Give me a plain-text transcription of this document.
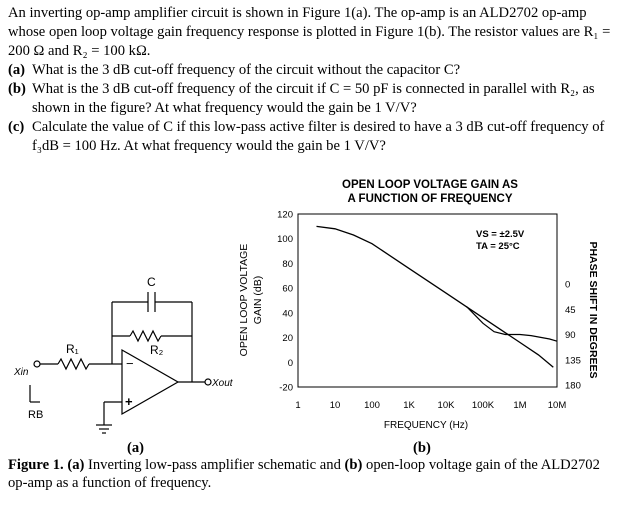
An inverting op-amp amplifier circuit is shown in Figure 1(a). The op-amp is an ALD2702 op-amp whose open loop voltage gain frequency response is plotted in Figure 1(b). The resistor values are R₁ = 200 Ω and R₂ = 100 kΩ.

(a) What is the 3 dB cut-off frequency of the circuit without the capacitor C?
(b) What is the 3 dB cut-off frequency of the circuit if C = 50 pF is connected in parallel with R₂, as shown in the figure? At what frequency would the gain be 1 V/V?
(c) Calculate the value of C if this low-pass active filter is desired to have a 3 dB cut-off frequency of f₃dB = 100 Hz. At what frequency would the gain be 1 V/V?
C
R₁	R₂
Xin
Xout
RB
−
+
OPEN LOOP VOLTAGE GAIN AS
A FUNCTION OF FREQUENCY
OPEN LOOP VOLTAGE GAIN (dB)	PHASE SHIFT IN DEGREES
FREQUENCY (Hz)
VS = ±2.5V
TA = 25°C
120
100
80
60
40
20
0
-20
0
45
90
135
180
1	10	100 1K 10K 100K 1M 10M
(a)	(b)
Figure 1. (a) Inverting low-pass amplifier schematic and (b) open-loop voltage gain of the ALD2702 op-amp as a function of frequency.
